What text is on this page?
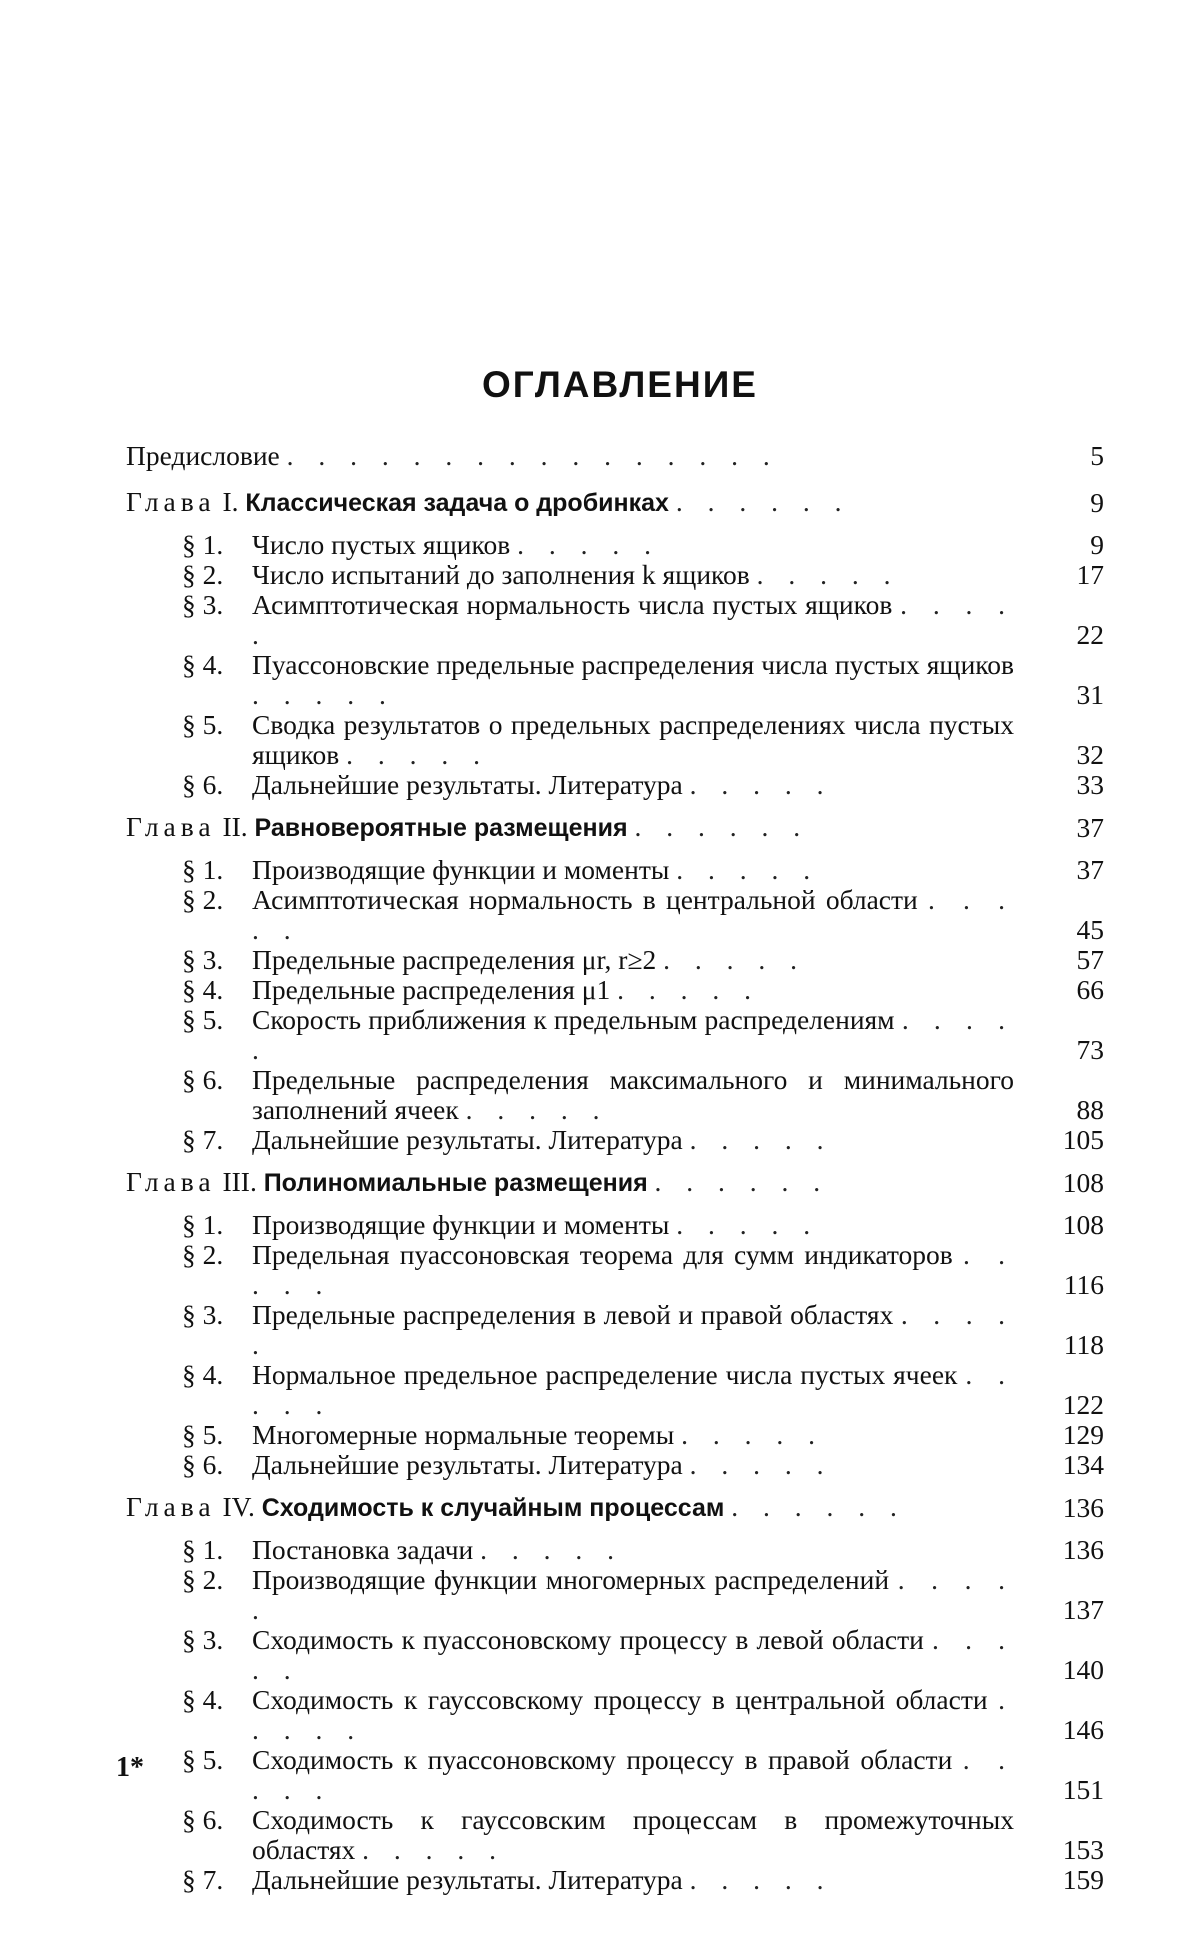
ОГЛАВЛЕНИЕ
Предисловие . . . . . . . . . . . . . . . .	5
Глава I. Классическая задача о дробинках . . . . . .	9
§ 1.	Число пустых ящиков . . . . .	9
§ 2.	Число испытаний до заполнения k ящиков . . . . .	17
§ 3.	Асимптотическая нормальность числа пустых ящиков . . . . .	22
§ 4.	Пуассоновские предельные распределения числа пустых ящиков . . . . .	31
§ 5.	Сводка результатов о предельных распределениях числа пустых ящиков . . . . .	32
§ 6.	Дальнейшие результаты. Литература . . . . .	33
Глава II. Равновероятные размещения . . . . . .	37
§ 1.	Производящие функции и моменты . . . . .	37
§ 2.	Асимптотическая нормальность в центральной области . . . . .	45
§ 3.	Предельные распределения μr, r≥2 . . . . .	57
§ 4.	Предельные распределения μ1 . . . . .	66
§ 5.	Скорость приближения к предельным распределениям . . . . .	73
§ 6.	Предельные распределения максимального и минимального заполнений ячеек . . . . .	88
§ 7.	Дальнейшие результаты. Литература . . . . .	105
Глава III. Полиномиальные размещения . . . . . .	108
§ 1.	Производящие функции и моменты . . . . .	108
§ 2.	Предельная пуассоновская теорема для сумм индикаторов . . . . .	116
§ 3.	Предельные распределения в левой и правой областях . . . . .	118
§ 4.	Нормальное предельное распределение числа пустых ячеек . . . . .	122
§ 5.	Многомерные нормальные теоремы . . . . .	129
§ 6.	Дальнейшие результаты. Литература . . . . .	134
Глава IV. Сходимость к случайным процессам . . . . . .	136
§ 1.	Постановка задачи . . . . .	136
§ 2.	Производящие функции многомерных распределений . . . . .	137
§ 3.	Сходимость к пуассоновскому процессу в левой области . . . . .	140
§ 4.	Сходимость к гауссовскому процессу в центральной области . . . . .	146
§ 5.	Сходимость к пуассоновскому процессу в правой области . . . . .	151
§ 6.	Сходимость к гауссовским процессам в промежуточных областях . . . . .	153
§ 7.	Дальнейшие результаты. Литература . . . . .	159
1*
